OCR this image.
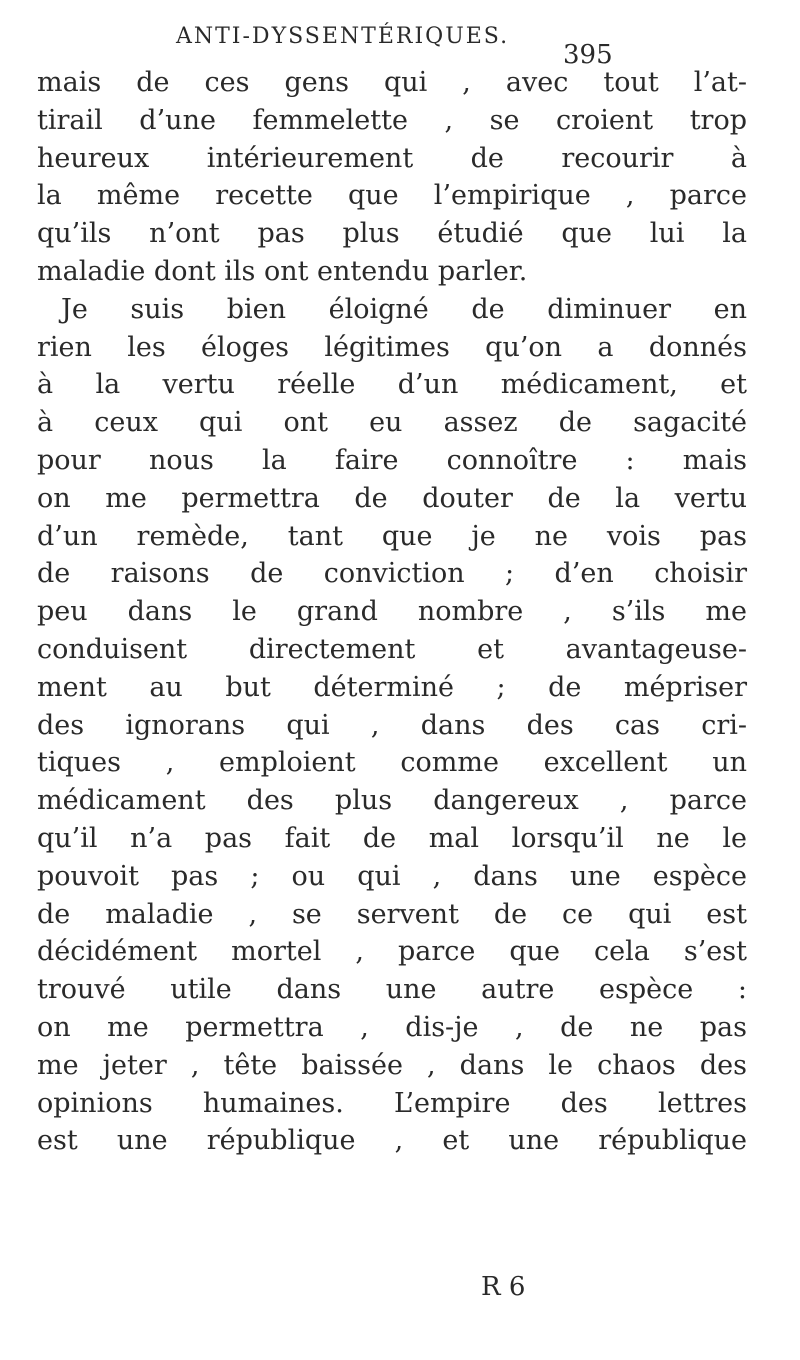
ANTI-DYSSENTÉRIQUES.
395
mais de ces gens qui , avec tout l’at-
tirail d’une femmelette , se croient trop
heureux intérieurement de recourir à
la même recette que l’empirique , parce
qu’ils n’ont pas plus étudié que lui la
maladie dont ils ont entendu parler.
Je suis bien éloigné de diminuer en
rien les éloges légitimes qu’on a donnés
à la vertu réelle d’un médicament, et
à ceux qui ont eu assez de sagacité
pour nous la faire connoître : mais
on me permettra de douter de la vertu
d’un remède, tant que je ne vois pas
de raisons de conviction ; d’en choisir
peu dans le grand nombre , s’ils me
conduisent directement et avantageuse-
ment au but déterminé ; de mépriser
des ignorans qui , dans des cas cri-
tiques , emploient comme excellent un
médicament des plus dangereux , parce
qu’il n’a pas fait de mal lorsqu’il ne le
pouvoit pas ; ou qui , dans une espèce
de maladie , se servent de ce qui est
décidément mortel , parce que cela s’est
trouvé utile dans une autre espèce :
on me permettra , dis-je , de ne pas
me jeter , tête baissée , dans le chaos des
opinions humaines. L’empire des lettres
est une république , et une république
R 6
